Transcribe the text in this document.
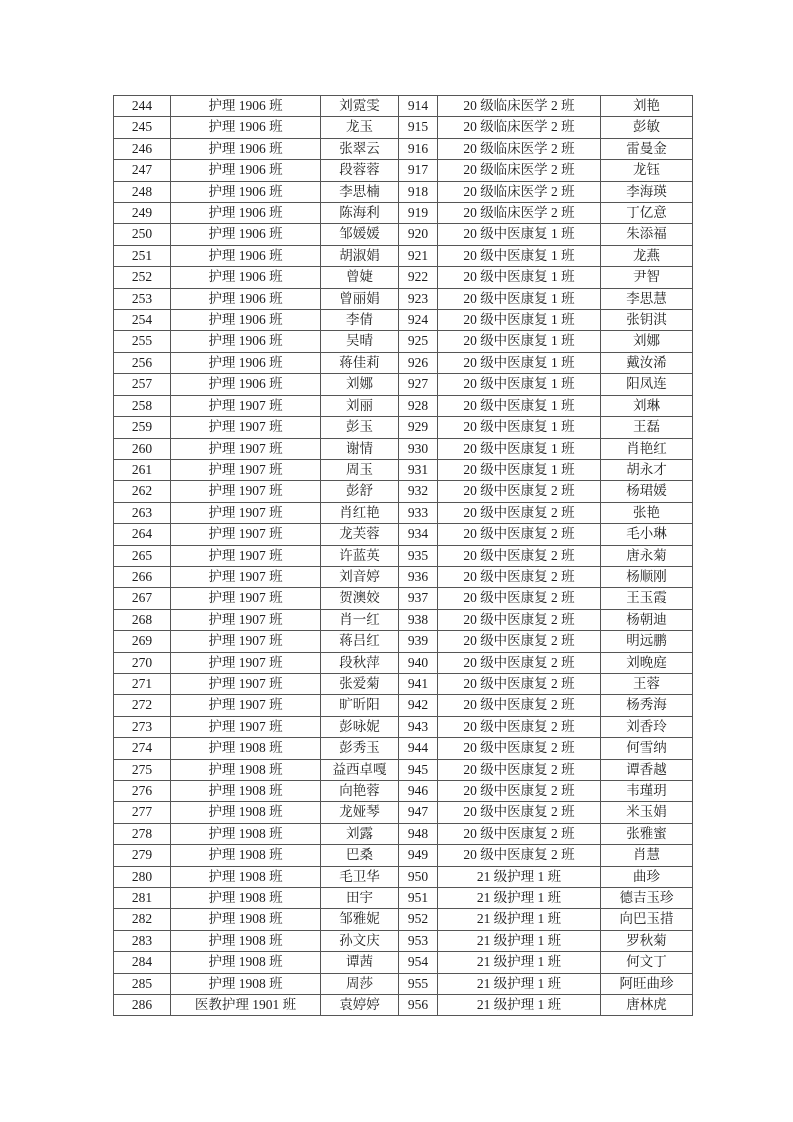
244	护理 1906 班	刘霓雯	914	20 级临床医学 2 班	刘艳
245	护理 1906 班	龙玉	915	20 级临床医学 2 班	彭敏
246	护理 1906 班	张翠云	916	20 级临床医学 2 班	雷曼金
247	护理 1906 班	段蓉蓉	917	20 级临床医学 2 班	龙钰
248	护理 1906 班	李思楠	918	20 级临床医学 2 班	李海瑛
249	护理 1906 班	陈海利	919	20 级临床医学 2 班	丁亿意
250	护理 1906 班	邹媛媛	920	20 级中医康复 1 班	朱添福
251	护理 1906 班	胡淑娟	921	20 级中医康复 1 班	龙燕
252	护理 1906 班	曾婕	922	20 级中医康复 1 班	尹智
253	护理 1906 班	曾丽娟	923	20 级中医康复 1 班	李思慧
254	护理 1906 班	李倩	924	20 级中医康复 1 班	张钥淇
255	护理 1906 班	吴晴	925	20 级中医康复 1 班	刘娜
256	护理 1906 班	蒋佳莉	926	20 级中医康复 1 班	戴汝浠
257	护理 1906 班	刘娜	927	20 级中医康复 1 班	阳凤连
258	护理 1907 班	刘丽	928	20 级中医康复 1 班	刘琳
259	护理 1907 班	彭玉	929	20 级中医康复 1 班	王磊
260	护理 1907 班	谢情	930	20 级中医康复 1 班	肖艳红
261	护理 1907 班	周玉	931	20 级中医康复 1 班	胡永才
262	护理 1907 班	彭舒	932	20 级中医康复 2 班	杨珺媛
263	护理 1907 班	肖红艳	933	20 级中医康复 2 班	张艳
264	护理 1907 班	龙芙蓉	934	20 级中医康复 2 班	毛小琳
265	护理 1907 班	许蓝英	935	20 级中医康复 2 班	唐永菊
266	护理 1907 班	刘音婷	936	20 级中医康复 2 班	杨顺刚
267	护理 1907 班	贺澳姣	937	20 级中医康复 2 班	王玉霞
268	护理 1907 班	肖一红	938	20 级中医康复 2 班	杨朝迪
269	护理 1907 班	蒋吕红	939	20 级中医康复 2 班	明远鹏
270	护理 1907 班	段秋萍	940	20 级中医康复 2 班	刘晚庭
271	护理 1907 班	张爱菊	941	20 级中医康复 2 班	王蓉
272	护理 1907 班	旷昕阳	942	20 级中医康复 2 班	杨秀海
273	护理 1907 班	彭咏妮	943	20 级中医康复 2 班	刘香玲
274	护理 1908 班	彭秀玉	944	20 级中医康复 2 班	何雪纳
275	护理 1908 班	益西卓嘎	945	20 级中医康复 2 班	谭香越
276	护理 1908 班	向艳蓉	946	20 级中医康复 2 班	韦瑾玥
277	护理 1908 班	龙娅琴	947	20 级中医康复 2 班	米玉娟
278	护理 1908 班	刘露	948	20 级中医康复 2 班	张雅蜜
279	护理 1908 班	巴桑	949	20 级中医康复 2 班	肖慧
280	护理 1908 班	毛卫华	950	21 级护理 1 班	曲珍
281	护理 1908 班	田宇	951	21 级护理 1 班	德吉玉珍
282	护理 1908 班	邹雅妮	952	21 级护理 1 班	向巴玉措
283	护理 1908 班	孙文庆	953	21 级护理 1 班	罗秋菊
284	护理 1908 班	谭茜	954	21 级护理 1 班	何文丁
285	护理 1908 班	周莎	955	21 级护理 1 班	阿旺曲珍
286	医教护理 1901 班	袁婷婷	956	21 级护理 1 班	唐林虎
